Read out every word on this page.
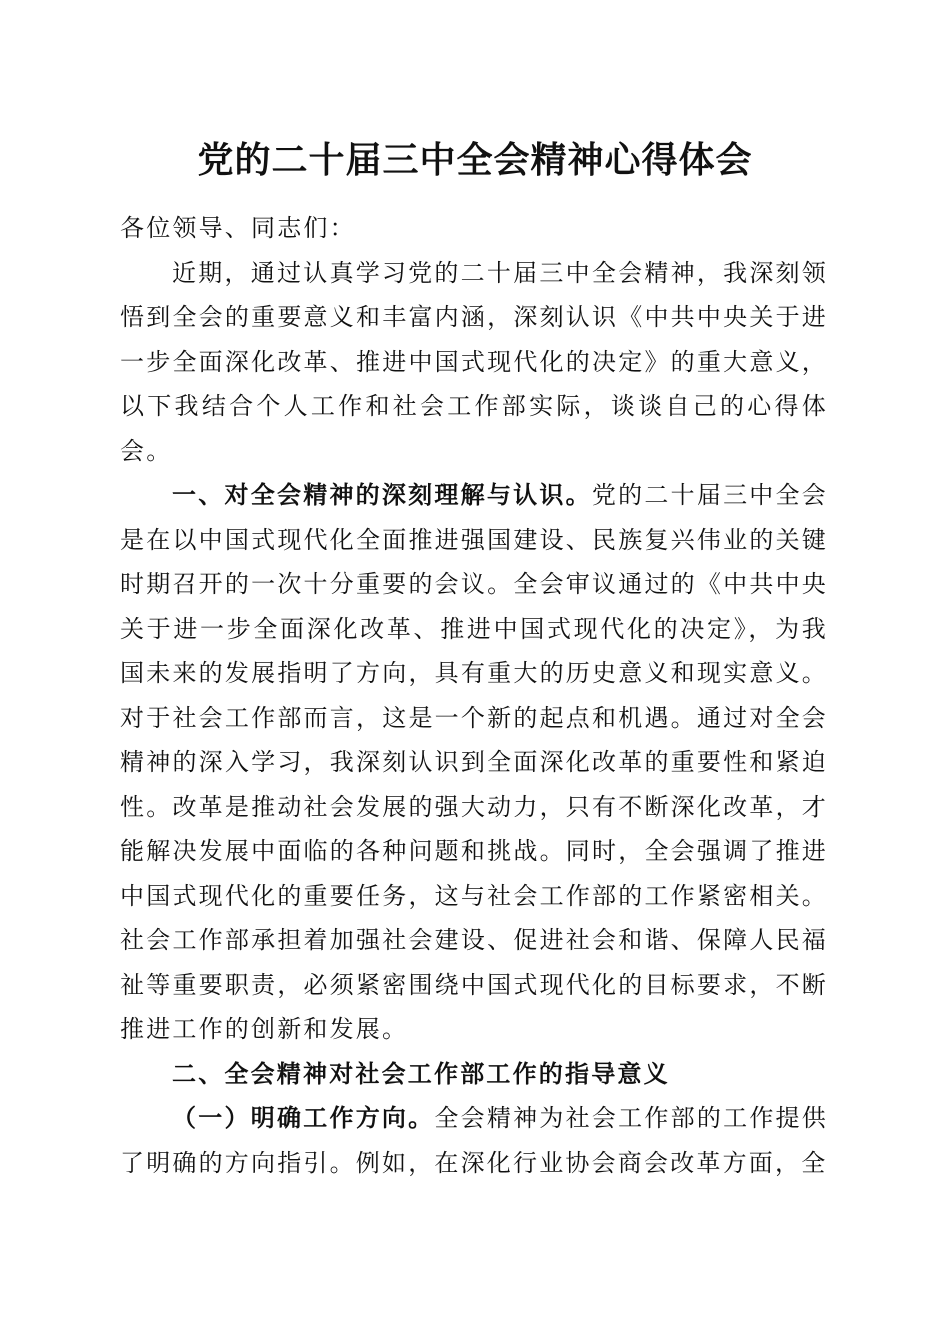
党的二十届三中全会精神心得体会

各位领导、同志们：

近期，通过认真学习党的二十届三中全会精神，我深刻领悟到全会的重要意义和丰富内涵，深刻认识《中共中央关于进一步全面深化改革、推进中国式现代化的决定》的重大意义，以下我结合个人工作和社会工作部实际，谈谈自己的心得体会。

一、对全会精神的深刻理解与认识。党的二十届三中全会是在以中国式现代化全面推进强国建设、民族复兴伟业的关键时期召开的一次十分重要的会议。全会审议通过的《中共中央关于进一步全面深化改革、推进中国式现代化的决定》，为我国未来的发展指明了方向，具有重大的历史意义和现实意义。对于社会工作部而言，这是一个新的起点和机遇。通过对全会精神的深入学习，我深刻认识到全面深化改革的重要性和紧迫性。改革是推动社会发展的强大动力，只有不断深化改革，才能解决发展中面临的各种问题和挑战。同时，全会强调了推进中国式现代化的重要任务，这与社会工作部的工作紧密相关。社会工作部承担着加强社会建设、促进社会和谐、保障人民福祉等重要职责，必须紧密围绕中国式现代化的目标要求，不断推进工作的创新和发展。

二、全会精神对社会工作部工作的指导意义

（一）明确工作方向。全会精神为社会工作部的工作提供了明确的方向指引。例如，在深化行业协会商会改革方面，全
